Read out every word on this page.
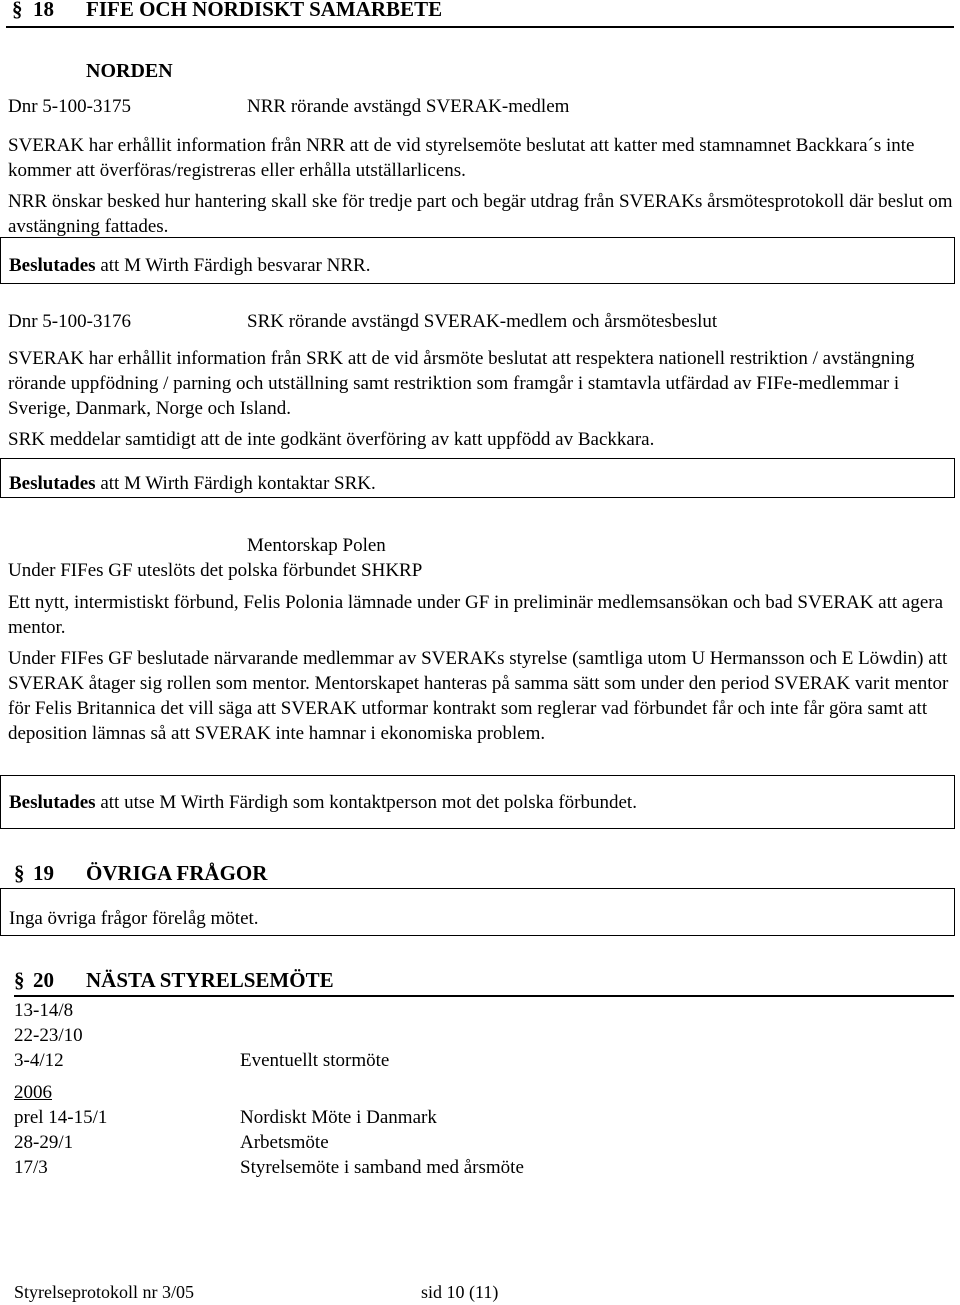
§ 18 FIFE OCH NORDISKT SAMARBETE
NORDEN
Dnr 5-100-3175	NRR rörande avstängd SVERAK-medlem
SVERAK har erhållit information från NRR att de vid styrelsemöte beslutat att katter med stamnamnet Backkara´s inte kommer att överföras/registreras eller erhålla utställarlicens.
NRR önskar besked hur hantering skall ske för tredje part och begär utdrag från SVERAKs årsmötesprotokoll där beslut om avstängning fattades.
Beslutades att M Wirth Färdigh besvarar NRR.
Dnr 5-100-3176	SRK rörande avstängd SVERAK-medlem och årsmötesbeslut
SVERAK har erhållit information från SRK att de vid årsmöte beslutat att respektera nationell restriktion / avstängning rörande uppfödning / parning och utställning samt restriktion som framgår i stamtavla utfärdad av FIFe-medlemmar i Sverige, Danmark, Norge och Island.
SRK meddelar samtidigt att de inte godkänt överföring av katt uppfödd av Backkara.
Beslutades att M Wirth Färdigh kontaktar SRK.
Mentorskap Polen
Under FIFes GF uteslöts det polska förbundet SHKRP
Ett nytt, intermistiskt förbund, Felis Polonia lämnade under GF in preliminär medlemsansökan och bad SVERAK att agera mentor.
Under FIFes GF beslutade närvarande medlemmar av SVERAKs styrelse (samtliga utom U Hermansson och E Löwdin) att SVERAK åtager sig rollen som mentor. Mentorskapet hanteras på samma sätt som under den period SVERAK varit mentor för Felis Britannica det vill säga att SVERAK utformar kontrakt som reglerar vad förbundet får och inte får göra samt att deposition lämnas så att SVERAK inte hamnar i ekonomiska problem.
Beslutades att utse M Wirth Färdigh som kontaktperson mot det polska förbundet.
§ 19 ÖVRIGA FRÅGOR
Inga övriga frågor förelåg mötet.
§ 20 NÄSTA STYRELSEMÖTE
13-14/8
22-23/10
3-4/12	Eventuellt stormöte
2006
prel 14-15/1	Nordiskt Möte i Danmark
28-29/1	Arbetsmöte
17/3	Styrelsemöte i samband med årsmöte
Styrelseprotokoll nr 3/05	sid 10 (11)
